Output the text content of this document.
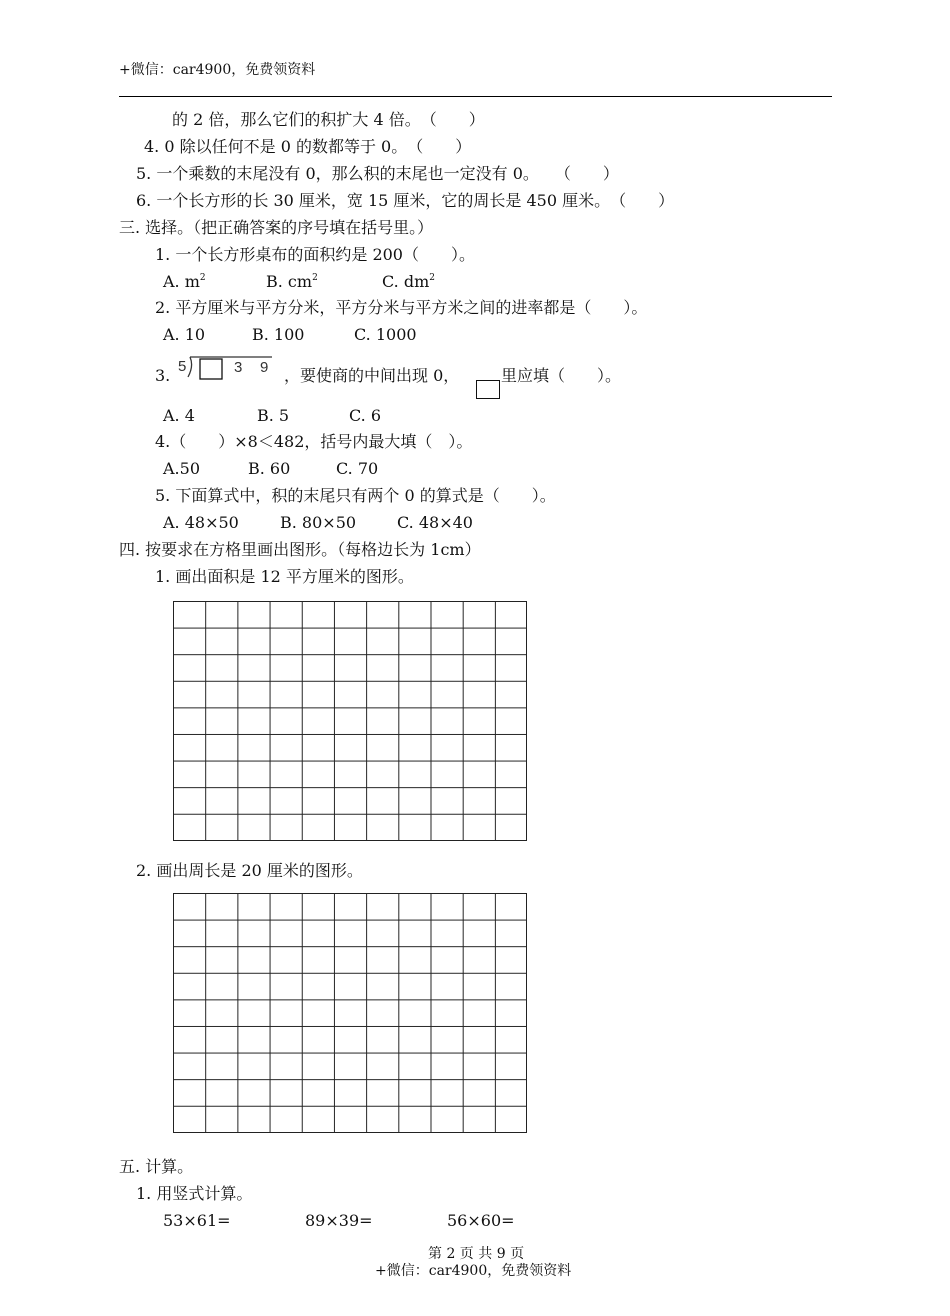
+微信：car4900，免费领资料
的 2 倍，那么它们的积扩大 4 倍。　（　　）
4. 0 除以任何不是 0 的数都等于 0。　（　　）
5. 一个乘数的末尾没有 0，那么积的末尾也一定没有 0。　　（　　）
6. 一个长方形的长 30 厘米，宽 15 厘米，它的周长是 450 厘米。　（　　）
三. 选择。（把正确答案的序号填在括号里。）
1. 一个长方形桌布的面积约是 200（　　）。
A. $m^2$	B. $cm^2$	C. $dm^2$
2. 平方厘米与平方分米，平方分米与平方米之间的进率都是（　　）。
A. 10	B. 100	C. 1000
3. 5	3 9 ，要使商的中间出现 0，	里应填（　　）。
A. 4	B. 5	C. 6
4.（　　）×8＜482，括号内最大填（　）。
A.50	B. 60	C. 70
5. 下面算式中，积的末尾只有两个 0 的算式是（　　）。
A. 48×50	B. 80×50	C. 48×40
四. 按要求在方格里画出图形。（每格边长为 1cm）
1. 画出面积是 12 平方厘米的图形。
2. 画出周长是 20 厘米的图形。
五. 计算。
1. 用竖式计算。
53×61=	89×39=	56×60=
第 2 页 共 9 页
+微信：car4900，免费领资料
